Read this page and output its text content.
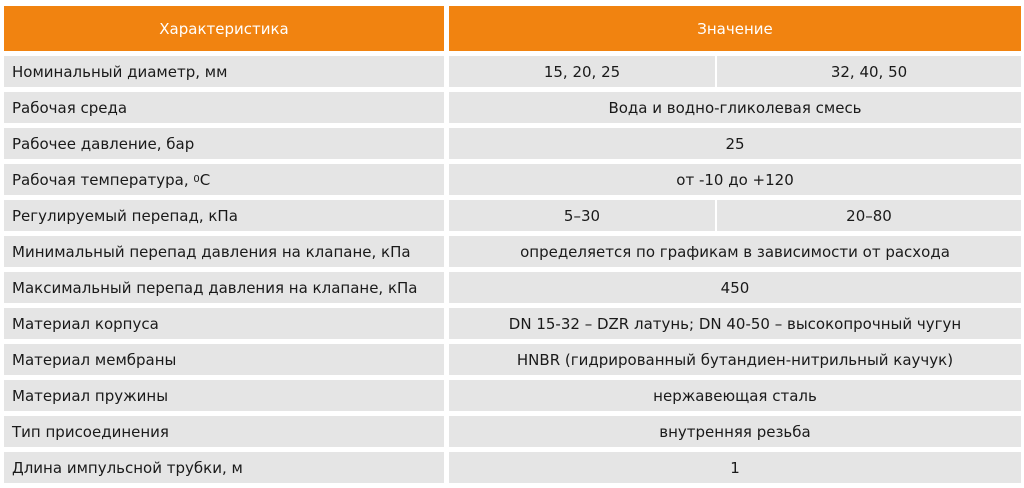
Характеристика	Значение
Номинальный диаметр, мм	15, 20, 25	32, 40, 50
Рабочая среда	Вода и водно-гликолевая смесь
Рабочее давление, бар	25
Рабочая температура, 0 C	от -10 до +120
Регулируемый перепад, кПа	5–30	20–80
Минимальный перепад давления на клапане, кПа	определяется по графикам в зависимости от расхода
Максимальный перепад давления на клапане, кПа	450
Материал корпуса	DN 15-32 – DZR латунь; DN 40-50 – высокопрочный чугун
Материал мембраны	HNBR (гидрированный бутандиен-нитрильный каучук)
Материал пружины	нержавеющая сталь
Тип присоединения	внутренняя резьба
Длина импульсной трубки, м	1
